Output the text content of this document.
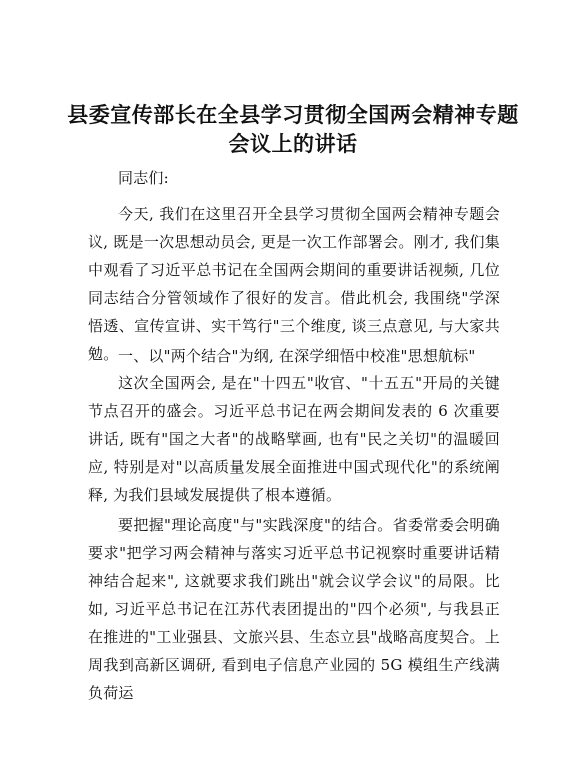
县委宣传部长在全县学习贯彻全国两会精神专题会议上的讲话
同志们:
今天, 我们在这里召开全县学习贯彻全国两会精神专题会议, 既是一次思想动员会, 更是一次工作部署会。刚才, 我们集中观看了习近平总书记在全国两会期间的重要讲话视频, 几位同志结合分管领域作了很好的发言。借此机会, 我围绕"学深悟透、宣传宣讲、实干笃行"三个维度, 谈三点意见, 与大家共勉。 一、以"两个结合"为纲, 在深学细悟中校准"思想航标"
这次全国两会, 是在"十四五"收官、"十五五"开局的关键节点召开的盛会。习近平总书记在两会期间发表的 6 次重要讲话, 既有"国之大者"的战略擘画, 也有"民之关切"的温暖回应, 特别是对"以高质量发展全面推进中国式现代化"的系统阐释, 为我们县域发展提供了根本遵循。
要把握"理论高度"与"实践深度"的结合。省委常委会明确要求"把学习两会精神与落实习近平总书记视察时重要讲话精神结合起来", 这就要求我们跳出"就会议学会议"的局限。比如, 习近平总书记在江苏代表团提出的"四个必须", 与我县正在推进的"工业强县、文旅兴县、生态立县"战略高度契合。上周我到高新区调研, 看到电子信息产业园的 5G 模组生产线满负荷运
